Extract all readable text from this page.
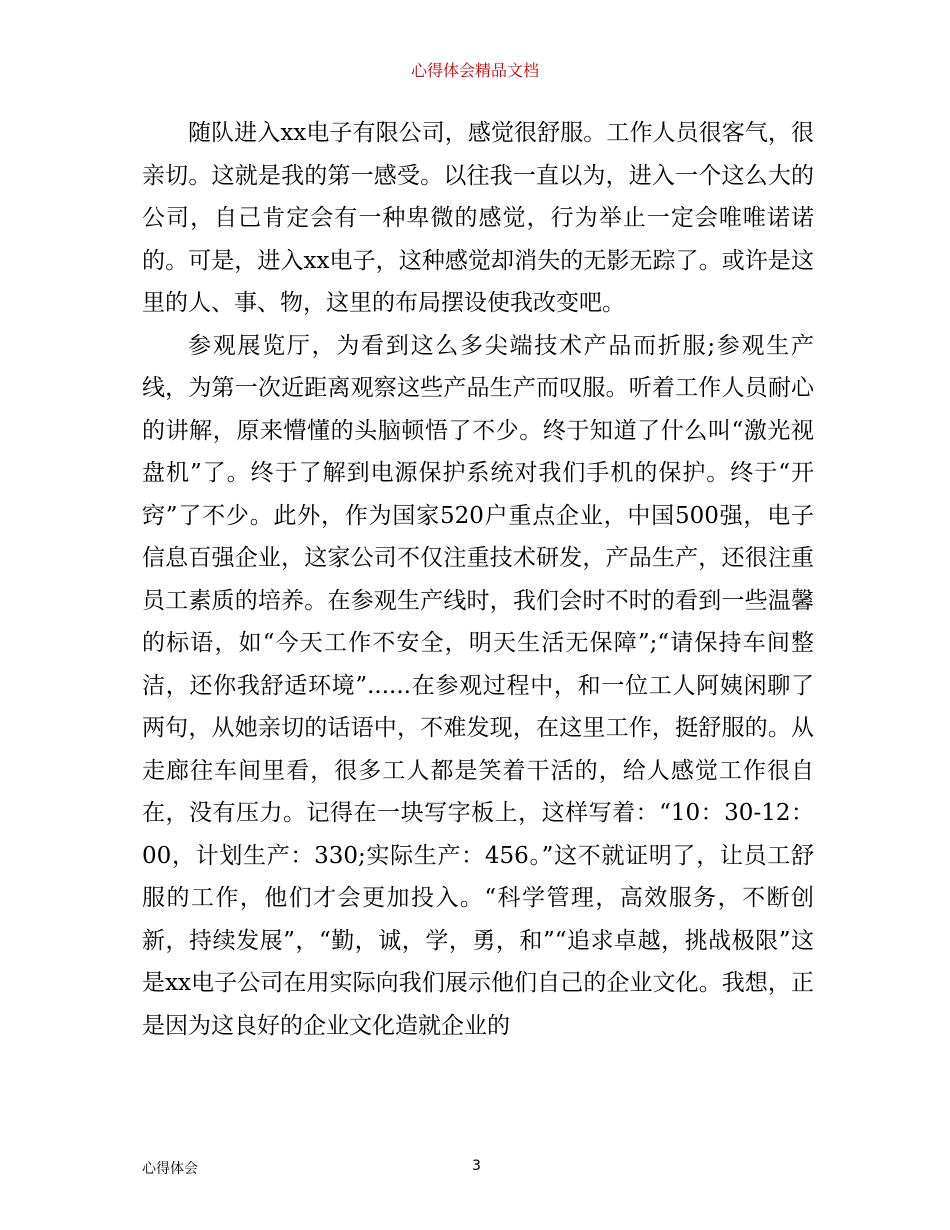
心得体会精品文档

随队进入xx电子有限公司，感觉很舒服。工作人员很客气，很亲切。这就是我的第一感受。以往我一直以为，进入一个这么大的公司，自己肯定会有一种卑微的感觉，行为举止一定会唯唯诺诺的。可是，进入xx电子，这种感觉却消失的无影无踪了。或许是这里的人、事、物，这里的布局摆设使我改变吧。

参观展览厅，为看到这么多尖端技术产品而折服;参观生产线，为第一次近距离观察这些产品生产而叹服。听着工作人员耐心的讲解，原来懵懂的头脑顿悟了不少。终于知道了什么叫“激光视盘机”了。终于了解到电源保护系统对我们手机的保护。终于“开窍”了不少。此外，作为国家520户重点企业，中国500强，电子信息百强企业，这家公司不仅注重技术研发，产品生产，还很注重员工素质的培养。在参观生产线时，我们会时不时的看到一些温馨的标语，如“今天工作不安全，明天生活无保障”;“请保持车间整洁，还你我舒适环境”......在参观过程中，和一位工人阿姨闲聊了两句，从她亲切的话语中，不难发现，在这里工作，挺舒服的。从走廊往车间里看，很多工人都是笑着干活的，给人感觉工作很自在，没有压力。记得在一块写字板上，这样写着：“10：30-12：00，计划生产：330;实际生产：456。”这不就证明了，让员工舒服的工作，他们才会更加投入。“科学管理，高效服务，不断创新，持续发展”，“勤，诚，学，勇，和”“追求卓越，挑战极限”这是xx电子公司在用实际向我们展示他们自己的企业文化。我想，正是因为这良好的企业文化造就企业的

心得体会	3
